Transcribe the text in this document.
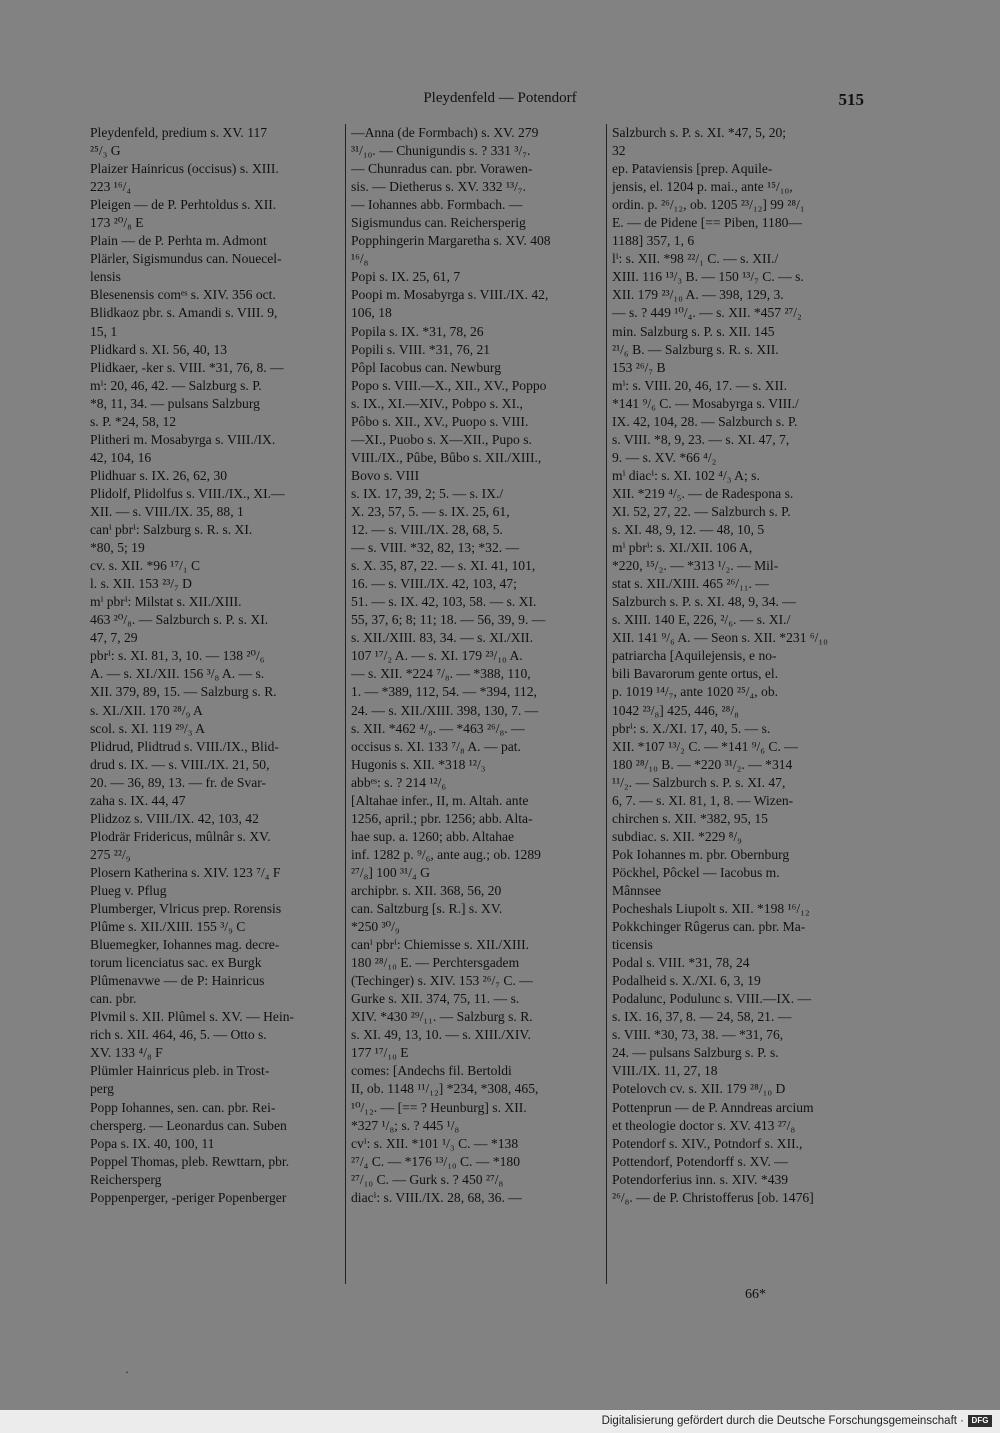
Pleydenfeld — Potendorf	515
Pleydenfeld, predium s. XV. 117
²⁵/₃ G
Plaizer Hainricus (occisus) s. XIII.
223 ¹⁶/₄
Pleigen — de P. Perhtoldus s. XII.
173 ²⁰/₈ E
Plain — de P. Perhta m. Admont
Plärler, Sigismundus can. Nouecel-
lensis
Blesenensis comᵉˢ s. XIV. 356 oct.
Blidkaoz pbr. s. Amandi s. VIII. 9,
15, 1
Plidkard s. XI. 56, 40, 13
Plidkaer, -ker s. VIII. *31, 76, 8. —
mⁱ: 20, 46, 42. — Salzburg s. P.
*8, 11, 34. — pulsans Salzburg
s. P. *24, 58, 12
Plitheri m. Mosabyrga s. VIII./IX.
42, 104, 16
Plidhuar s. IX. 26, 62, 30
Plidolf, Plidolfus s. VIII./IX., XI.—
XII. — s. VIII./IX. 35, 88, 1
canⁱ pbrⁱ: Salzburg s. R. s. XI.
*80, 5; 19
cv. s. XII. *96 ¹⁷/₁ C
l. s. XII. 153 ²³/₇ D
mⁱ pbrⁱ: Milstat s. XII./XIII.
463 ²⁰/₈. — Salzburch s. P. s. XI.
47, 7, 29
pbrⁱ: s. XI. 81, 3, 10. — 138 ²⁰/₆
A. — s. XI./XII. 156 ³/₈ A. — s.
XII. 379, 89, 15. — Salzburg s. R.
s. XI./XII. 170 ²⁸/₉ A
scol. s. XI. 119 ²⁹/₃ A
Plidrud, Plidtrud s. VIII./IX., Blid-
drud s. IX. — s. VIII./IX. 21, 50,
20. — 36, 89, 13. — fr. de Svar-
zaha s. IX. 44, 47
Plidzoz s. VIII./IX. 42, 103, 42
Plodrär Fridericus, mûlnâr s. XV.
275 ²²/₉
Plosern Katherina s. XIV. 123 ⁷/₄ F
Plueg v. Pflug
Plumberger, Vlricus prep. Rorensis
Plûme s. XII./XIII. 155 ³/₉ C
Bluemegker, Iohannes mag. decre-
torum licenciatus sac. ex Burgk
Plûmenavwe — de P: Hainricus
can. pbr.
Plvmil s. XII. Plûmel s. XV. — Hein-
rich s. XII. 464, 46, 5. — Otto s.
XV. 133 ⁴/₈ F
Plümler Hainricus pleb. in Trost-
perg
Popp Iohannes, sen. can. pbr. Rei-
chersperg. — Leonardus can. Suben
Popa s. IX. 40, 100, 11
Poppel Thomas, pleb. Rewttarn, pbr.
Reichersperg
Poppenperger, -periger Popenberger
—Anna (de Formbach) s. XV. 279
³¹/₁₀. — Chunigundis s. ? 331 ³/₇.
— Chunradus can. pbr. Vorawen-
sis. — Dietherus s. XV. 332 ¹³/₇.
— Iohannes abb. Formbach. —
Sigismundus can. Reichersperig
Popphingerin Margaretha s. XV. 408
¹⁶/₈
Popi s. IX. 25, 61, 7
Poopi m. Mosabyrga s. VIII./IX. 42,
106, 18
Popila s. IX. *31, 78, 26
Popili s. VIII. *31, 76, 21
Pôpl Iacobus can. Newburg
Popo s. VIII.—X., XII., XV., Poppo
s. IX., XI.—XIV., Pobpo s. XI.,
Pôbo s. XII., XV., Puopo s. VIII.
—XI., Puobo s. X—XII., Pupo s.
VIII./IX., Pûbe, Bûbo s. XII./XIII.,
Bovo s. VIII
s. IX. 17, 39, 2; 5. — s. IX./
X. 23, 57, 5. — s. IX. 25, 61,
12. — s. VIII./IX. 28, 68, 5.
— s. VIII. *32, 82, 13; *32. —
s. X. 35, 87, 22. — s. XI. 41, 101,
16. — s. VIII./IX. 42, 103, 47;
51. — s. IX. 42, 103, 58. — s. XI.
55, 37, 6; 8; 11; 18. — 56, 39, 9. —
s. XII./XIII. 83, 34. — s. XI./XII.
107 ¹⁷/₂ A. — s. XI. 179 ²³/₁₀ A.
— s. XII. *224 ⁷/₈. — *388, 110,
1. — *389, 112, 54. — *394, 112,
24. — s. XII./XIII. 398, 130, 7. —
s. XII. *462 ⁴/₈. — *463 ²⁶/₈. —
occisus s. XI. 133 ⁷/₈ A. — pat.
Hugonis s. XII. *318 ¹²/₃
abbᵉˢ: s. ? 214 ¹²/₆
[Altahae infer., II, m. Altah. ante
1256, april.; pbr. 1256; abb. Alta-
hae sup. a. 1260; abb. Altahae
inf. 1282 p. ⁹/₆, ante aug.; ob. 1289
²⁷/₈] 100 ³¹/₄ G
archipbr. s. XII. 368, 56, 20
can. Saltzburg [s. R.] s. XV.
*250 ³⁰/₉
canⁱ pbrⁱ: Chiemisse s. XII./XIII.
180 ²⁸/₁₀ E. — Perchtersgadem
(Techinger) s. XIV. 153 ²⁶/₇ C. —
Gurke s. XII. 374, 75, 11. — s.
XIV. *430 ²⁹/₁₁. — Salzburg s. R.
s. XI. 49, 13, 10. — s. XIII./XIV.
177 ¹⁷/₁₀ E
comes: [Andechs fil. Bertoldi
II, ob. 1148 ¹¹/₁₂] *234, *308, 465,
¹⁰/₁₂. — [== ? Heunburg] s. XII.
*327 ¹/₈; s. ? 445 ¹/₈
cvⁱ: s. XII. *101 ¹/₃ C. — *138
²⁷/₄ C. — *176 ¹³/₁₀ C. — *180
²⁷/₁₀ C. — Gurk s. ? 450 ²⁷/₈
diacⁱ: s. VIII./IX. 28, 68, 36. —
Salzburch s. P. s. XI. *47, 5, 20;
32
ep. Pataviensis [prep. Aquile-
jensis, el. 1204 p. mai., ante ¹⁵/₁₀,
ordin. p. ²⁶/₁₂, ob. 1205 ²³/₁₂] 99 ²⁸/₁
E. — de Pidene [== Piben, 1180—
1188] 357, 1, 6
lⁱ: s. XII. *98 ²²/₁ C. — s. XII./
XIII. 116 ¹³/₃ B. — 150 ¹³/₇ C. — s.
XII. 179 ²³/₁₀ A. — 398, 129, 3.
— s. ? 449 ¹⁰/₄. — s. XII. *457 ²⁷/₂
min. Salzburg s. P. s. XII. 145
²¹/₆ B. — Salzburg s. R. s. XII.
153 ²⁶/₇ B
mⁱ: s. VIII. 20, 46, 17. — s. XII.
*141 ⁹/₆ C. — Mosabyrga s. VIII./
IX. 42, 104, 28. — Salzburch s. P.
s. VIII. *8, 9, 23. — s. XI. 47, 7,
9. — s. XV. *66 ⁴/₂
mⁱ diacⁱ: s. XI. 102 ⁴/₃ A; s.
XII. *219 ⁴/₅. — de Radespona s.
XI. 52, 27, 22. — Salzburch s. P.
s. XI. 48, 9, 12. — 48, 10, 5
mⁱ pbrⁱ: s. XI./XII. 106 A,
*220, ¹⁵/₂. — *313 ¹/₂. — Mil-
stat s. XII./XIII. 465 ²⁶/₁₁. —
Salzburch s. P. s. XI. 48, 9, 34. —
s. XIII. 140 E, 226, ²/₆. — s. XI./
XII. 141 ⁹/₆ A. — Seon s. XII. *231 ⁶/₁₀
patriarcha [Aquilejensis, e no-
bili Bavarorum gente ortus, el.
p. 1019 ¹⁴/₇, ante 1020 ²⁵/₄, ob.
1042 ²³/₈] 425, 446, ²⁸/₈
pbrⁱ: s. X./XI. 17, 40, 5. — s.
XII. *107 ¹³/₂ C. — *141 ⁹/₆ C. —
180 ²⁸/₁₀ B. — *220 ³¹/₂. — *314
¹¹/₂. — Salzburch s. P. s. XI. 47,
6, 7. — s. XI. 81, 1, 8. — Wizen-
chirchen s. XII. *382, 95, 15
subdiac. s. XII. *229 ⁸/₉
Pok Iohannes m. pbr. Obernburg
Pöckhel, Pôckel — Iacobus m.
Mânnsee
Pocheshals Liupolt s. XII. *198 ¹⁶/₁₂
Pokkchinger Rûgerus can. pbr. Ma-
ticensis
Podal s. VIII. *31, 78, 24
Podalheid s. X./XI. 6, 3, 19
Podalunc, Podulunc s. VIII.—IX. —
s. IX. 16, 37, 8. — 24, 58, 21. —
s. VIII. *30, 73, 38. — *31, 76,
24. — pulsans Salzburg s. P. s.
VIII./IX. 11, 27, 18
Potelovch cv. s. XII. 179 ²⁸/₁₀ D
Pottenprun — de P. Anndreas arcium
et theologie doctor s. XV. 413 ²⁷/₈
Potendorf s. XIV., Potndorf s. XII.,
Pottendorf, Potendorff s. XV. —
Potendorferius inn. s. XIV. *439
²⁶/₈. — de P. Christofferus [ob. 1476]
66*
·
Digitalisierung gefördert durch die Deutsche Forschungsgemeinschaft · DFG
